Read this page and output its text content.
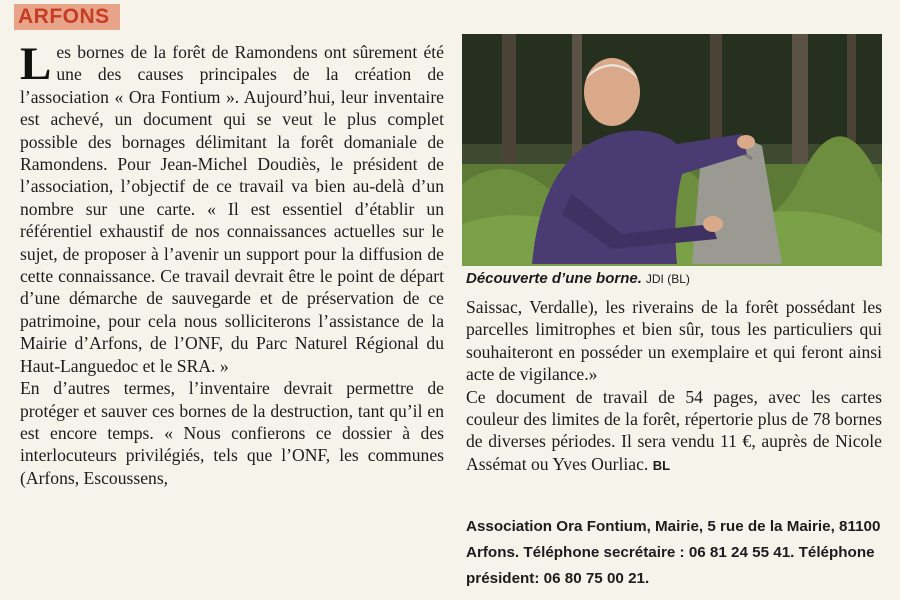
ARFONS

Les bornes de la forêt de Ramondens ont sûrement été une des causes principales de la création de l’association « Ora Fontium ». Aujourd’hui, leur inventaire est achevé, un document qui se veut le plus complet possible des bornages délimitant la forêt domaniale de Ramondens. Pour Jean-Michel Doudiès, le président de l’association, l’objectif de ce travail va bien au-delà d’un nombre sur une carte. « Il est essentiel d’établir un référentiel exhaustif de nos connaissances actuelles sur le sujet, de proposer à l’avenir un support pour la diffusion de cette connaissance. Ce travail devrait être le point de départ d’une démarche de sauvegarde et de préservation de ce patrimoine, pour cela nous solliciterons l’assistance de la Mairie d’Arfons, de l’ONF, du Parc Naturel Régional du Haut-Languedoc et le SRA. »

En d’autres termes, l’inventaire devrait permettre de protéger et sauver ces bornes de la destruction, tant qu’il en est encore temps. « Nous confierons ce dossier à des interlocuteurs privilégiés, tels que l’ONF, les communes (Arfons, Escoussens,

Découverte d’une borne. JDI (BL)

Saissac, Verdalle), les riverains de la forêt possédant les parcelles limitrophes et bien sûr, tous les particuliers qui souhaiteront en posséder un exemplaire et qui feront ainsi acte de vigilance.»

Ce document de travail de 54 pages, avec les cartes couleur des limites de la forêt, répertorie plus de 78 bornes de diverses périodes. Il sera vendu 11 €, auprès de Nicole Assémat ou Yves Ourliac. BL

Association Ora Fontium, Mairie, 5 rue de la Mairie, 81100 Arfons. Téléphone secrétaire : 06 81 24 55 41. Téléphone président: 06 80 75 00 21.
